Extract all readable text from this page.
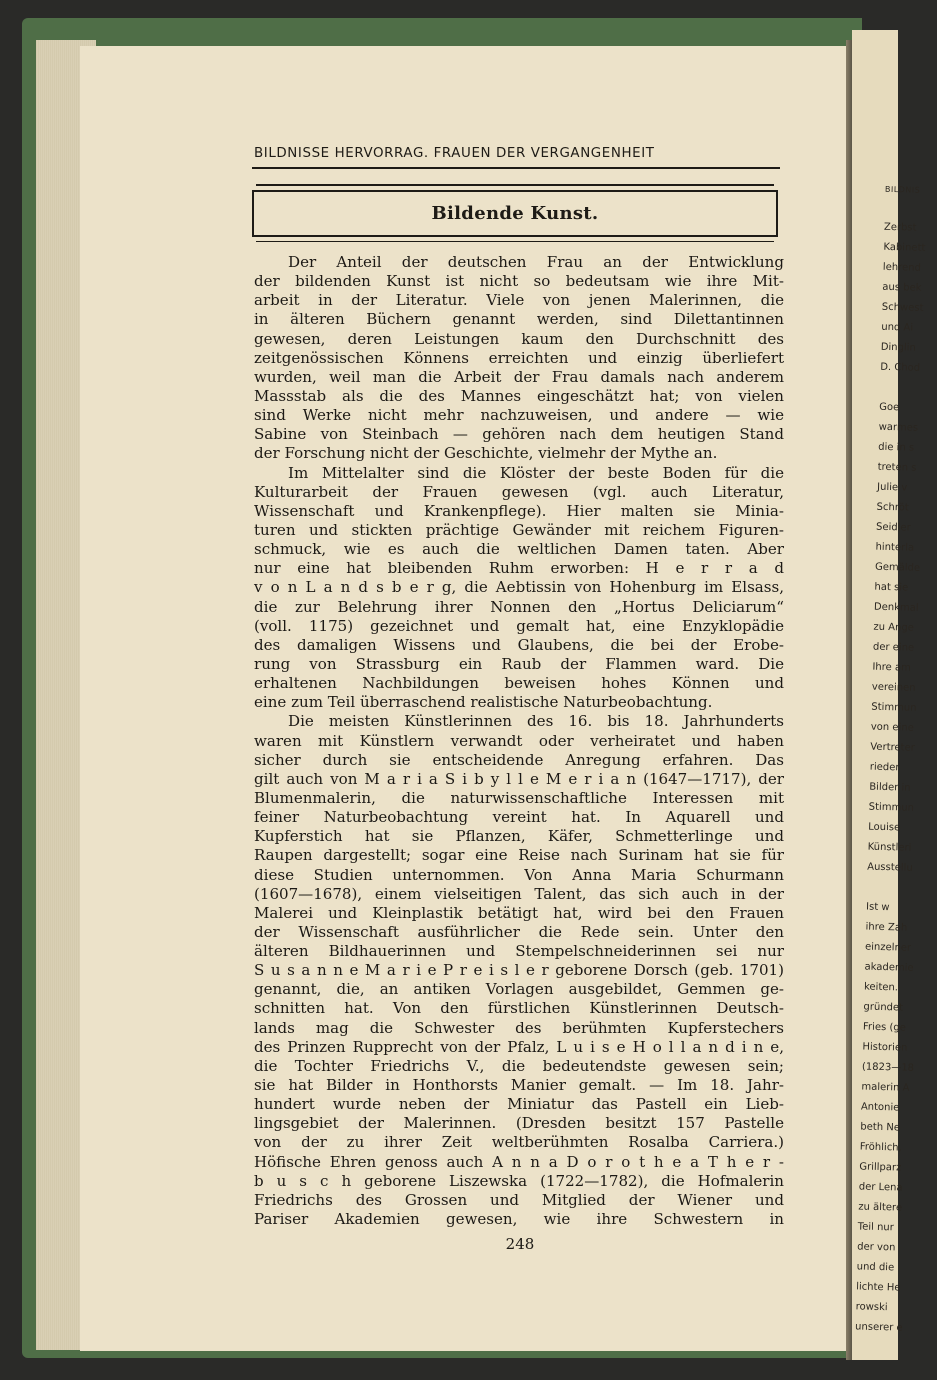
BILDNIS
Zerbst
Kabinett
lehrend
aus bek
Schwest
und Ai
Dinglin
D. Chod

Goe
warmes
die in s
treten s
Julie v
Schröt
Seidler
hinterla
Gemälde
hat sie
Denkmal
zu Ange
der eine
Ihre am
vereinen
Stimmun
von eine
Vertreter
rieder
Bilder in
Stimmun
Louise
Künstleri
Ausstellu

Ist w
ihre Zah
einzelner
akademie
keiten.
gründet
Fries (ge
Historien
(1823—18
malerin A
Antonie
beth Ne
Fröhlich,
Grillparz
der Lena
zu ältere
Teil nur
der von
und die
lichte He
rowski
unserer e
BILDNISSE HERVORRAG. FRAUEN DER VERGANGENHEIT
Bildende Kunst.
Der Anteil der deutschen Frau an der Entwicklung
der bildenden Kunst ist nicht so bedeutsam wie ihre Mit-
arbeit in der Literatur. Viele von jenen Malerinnen, die
in älteren Büchern genannt werden, sind Dilettantinnen
gewesen, deren Leistungen kaum den Durchschnitt des
zeitgenössischen Könnens erreichten und einzig überliefert
wurden, weil man die Arbeit der Frau damals nach anderem
Massstab als die des Mannes eingeschätzt hat; von vielen
sind Werke nicht mehr nachzuweisen, und andere — wie
Sabine von Steinbach — gehören nach dem heutigen Stand
der Forschung nicht der Geschichte, vielmehr der Mythe an.
Im Mittelalter sind die Klöster der beste Boden für die
Kulturarbeit der Frauen gewesen (vgl. auch Literatur,
Wissenschaft und Krankenpflege). Hier malten sie Minia-
turen und stickten prächtige Gewänder mit reichem Figuren-
schmuck, wie es auch die weltlichen Damen taten. Aber
nur eine hat bleibenden Ruhm erworben: H e r r a d
v o n L a n d s b e r g, die Aebtissin von Hohenburg im Elsass,
die zur Belehrung ihrer Nonnen den „Hortus Deliciarum“
(voll. 1175) gezeichnet und gemalt hat, eine Enzyklopädie
des damaligen Wissens und Glaubens, die bei der Erobe-
rung von Strassburg ein Raub der Flammen ward. Die
erhaltenen Nachbildungen beweisen hohes Können und
eine zum Teil überraschend realistische Naturbeobachtung.
Die meisten Künstlerinnen des 16. bis 18. Jahrhunderts
waren mit Künstlern verwandt oder verheiratet und haben
sicher durch sie entscheidende Anregung erfahren. Das
gilt auch von M a r i a S i b y l l e M e r i a n (1647—1717), der
Blumenmalerin, die naturwissenschaftliche Interessen mit
feiner Naturbeobachtung vereint hat. In Aquarell und
Kupferstich hat sie Pflanzen, Käfer, Schmetterlinge und
Raupen dargestellt; sogar eine Reise nach Surinam hat sie für
diese Studien unternommen. Von Anna Maria Schurmann
(1607—1678), einem vielseitigen Talent, das sich auch in der
Malerei und Kleinplastik betätigt hat, wird bei den Frauen
der Wissenschaft ausführlicher die Rede sein. Unter den
älteren Bildhauerinnen und Stempelschneiderinnen sei nur
S u s a n n e M a r i e P r e i s l e r geborene Dorsch (geb. 1701)
genannt, die, an antiken Vorlagen ausgebildet, Gemmen ge-
schnitten hat. Von den fürstlichen Künstlerinnen Deutsch-
lands mag die Schwester des berühmten Kupferstechers
des Prinzen Rupprecht von der Pfalz, L u i s e H o l l a n d i n e,
die Tochter Friedrichs V., die bedeutendste gewesen sein;
sie hat Bilder in Honthorsts Manier gemalt. — Im 18. Jahr-
hundert wurde neben der Miniatur das Pastell ein Lieb-
lingsgebiet der Malerinnen. (Dresden besitzt 157 Pastelle
von der zu ihrer Zeit weltberühmten Rosalba Carriera.)
Höfische Ehren genoss auch A n n a D o r o t h e a T h e r -
b u s c h geborene Liszewska (1722—1782), die Hofmalerin
Friedrichs des Grossen und Mitglied der Wiener und
Pariser Akademien gewesen, wie ihre Schwestern in
248
